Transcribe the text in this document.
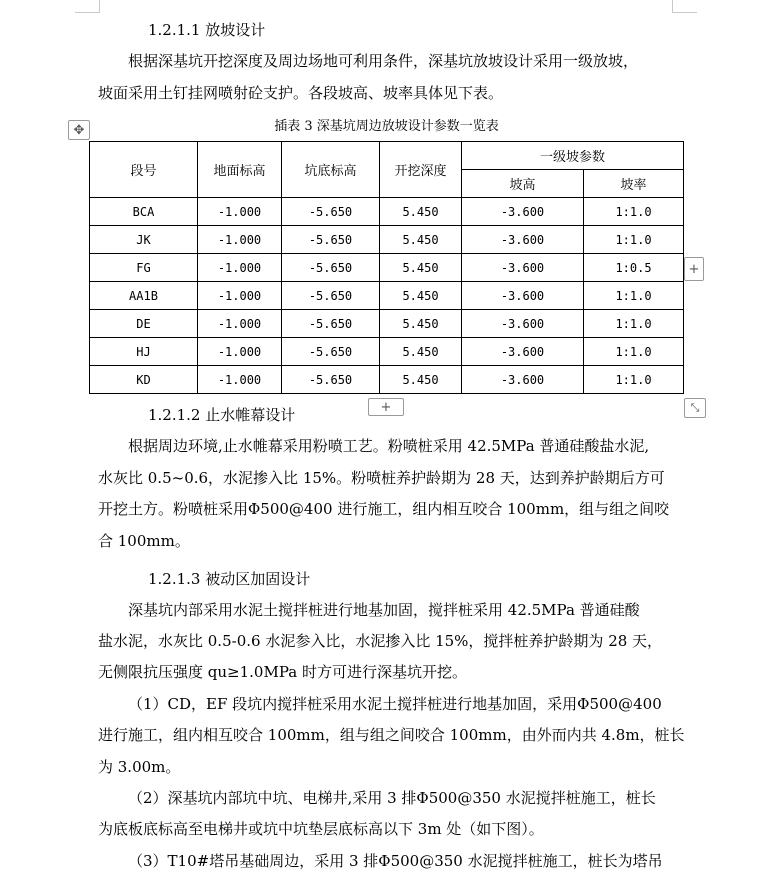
1.2.1.1 放坡设计
根据深基坑开挖深度及周边场地可利用条件，深基坑放坡设计采用一级放坡，
坡面采用土钉挂网喷射砼支护。各段坡高、坡率具体见下表。
✥	插表 3 深基坑周边放坡设计参数一览表
段号	地面标高	坑底标高	开挖深度	一级坡参数	
				坡高	坡率
BCA	-1.000	-5.650	5.450	-3.600	1:1.0
JK	-1.000	-5.650	5.450	-3.600	1:1.0
FG	-1.000	-5.650	5.450	-3.600	1:0.5
AA1B	-1.000	-5.650	5.450	-3.600	1:1.0
DE	-1.000	-5.650	5.450	-3.600	1:1.0
HJ	-1.000	-5.650	5.450	-3.600	1:1.0
KD	-1.000	-5.650	5.450	-3.600	1:1.0
+
+	⤡
1.2.1.2 止水帷幕设计
根据周边环境,止水帷幕采用粉喷工艺。粉喷桩采用 42.5MPa 普通硅酸盐水泥,
水灰比 0.5~0.6，水泥掺入比 15%。粉喷桩养护龄期为 28 天，达到养护龄期后方可
开挖土方。粉喷桩采用Φ500@400 进行施工，组内相互咬合 100mm，组与组之间咬
合 100mm。
1.2.1.3 被动区加固设计
深基坑内部采用水泥土搅拌桩进行地基加固，搅拌桩采用 42.5MPa 普通硅酸
盐水泥，水灰比 0.5-0.6 水泥参入比，水泥掺入比 15%，搅拌桩养护龄期为 28 天，
无侧限抗压强度 qu≥1.0MPa 时方可进行深基坑开挖。
（1）CD，EF 段坑内搅拌桩采用水泥土搅拌桩进行地基加固，采用Φ500@400
进行施工，组内相互咬合 100mm，组与组之间咬合 100mm，由外而内共 4.8m，桩长
为 3.00m。
（2）深基坑内部坑中坑、电梯井,采用 3 排Φ500@350 水泥搅拌桩施工，桩长
为底板底标高至电梯井或坑中坑垫层底标高以下 3m 处（如下图）。
（3）T10#塔吊基础周边，采用 3 排Φ500@350 水泥搅拌桩施工，桩长为塔吊
